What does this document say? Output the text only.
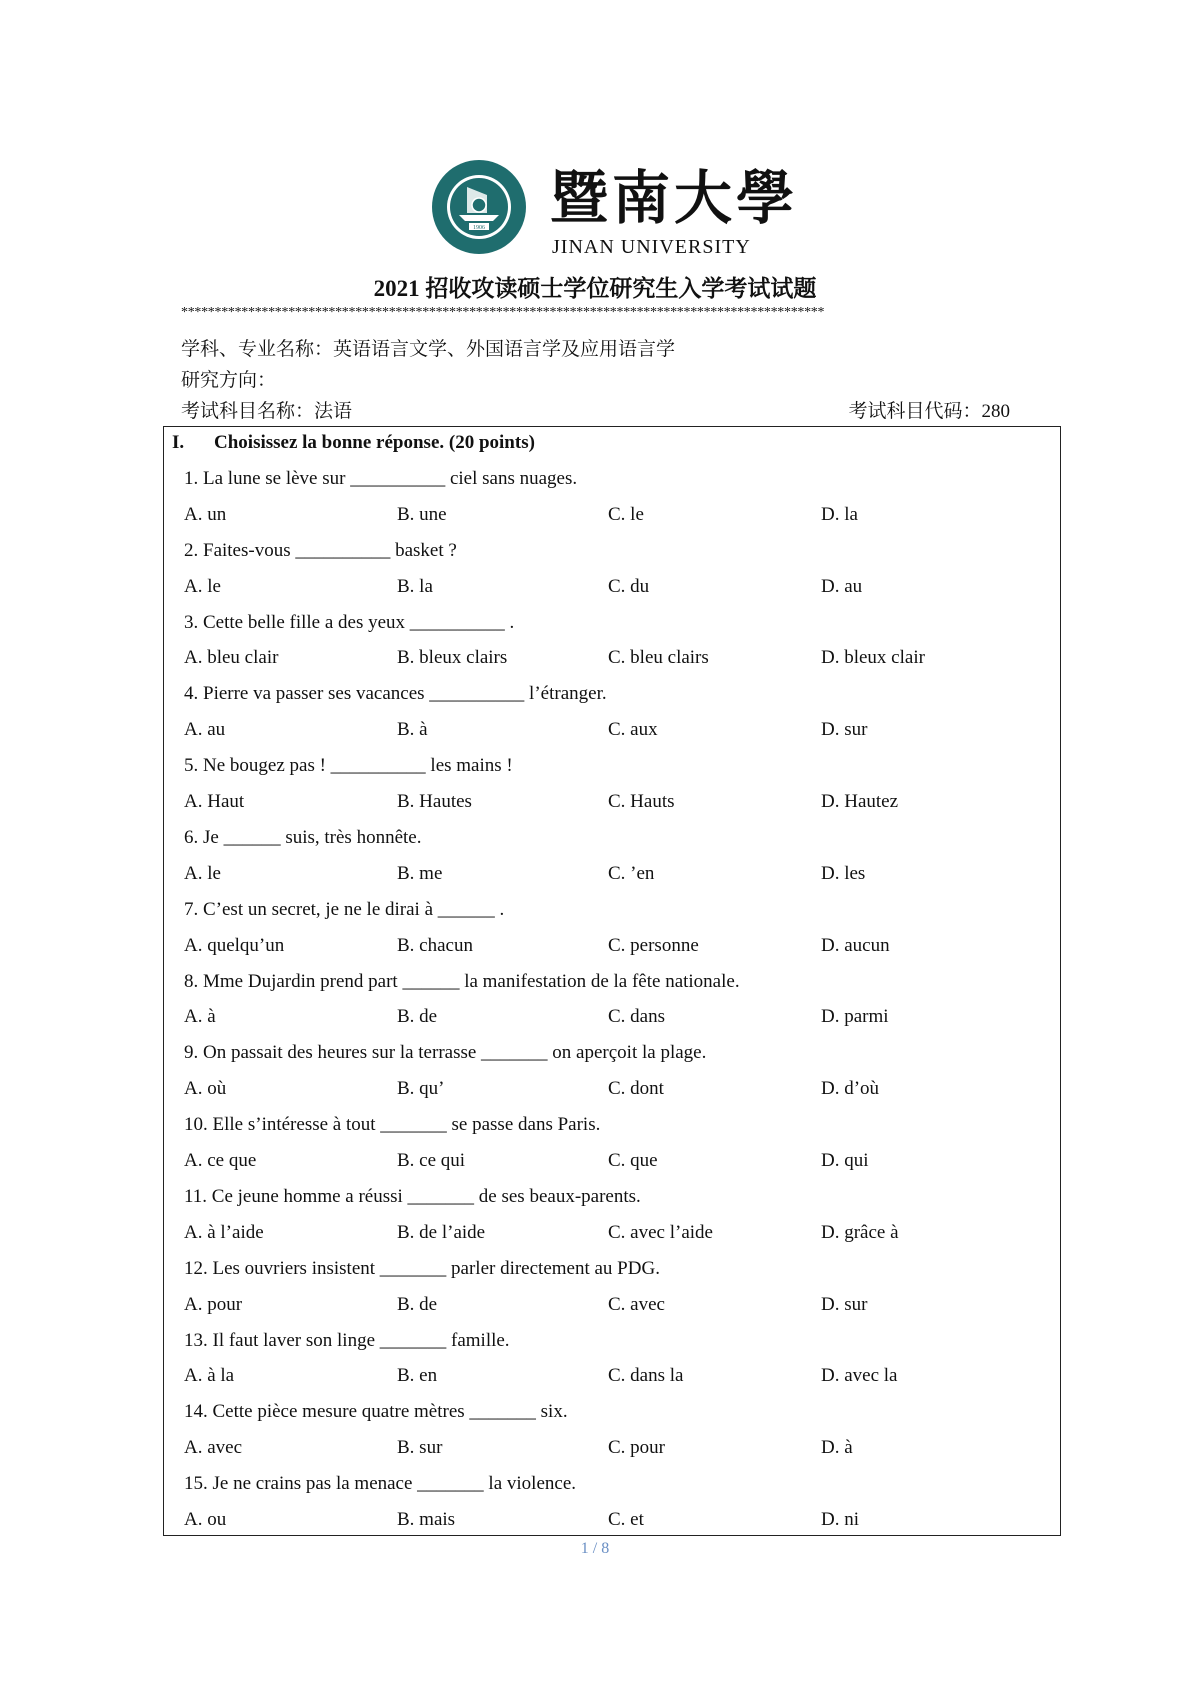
1906 暨南大學
JINAN UNIVERSITY
2021 招收攻读硕士学位研究生入学考试试题
************************************************************************************************
学科、专业名称：英语语言文学、外国语言学及应用语言学
研究方向：
考试科目名称：法语	考试科目代码：280
I. Choisissez la bonne réponse. (20 points)
1. La lune se lève sur __________ ciel sans nuages.
A. un	B. une	C. le	D. la
2. Faites-vous __________ basket ?
A. le	B. la	C. du	D. au
3. Cette belle fille a des yeux __________ .
A. bleu clair	B. bleux clairs	C. bleu clairs	D. bleux clair
4. Pierre va passer ses vacances __________ l’étranger.
A. au	B. à	C. aux	D. sur
5. Ne bougez pas ! __________ les mains !
A. Haut	B. Hautes	C. Hauts	D. Hautez
6. Je ______ suis, très honnête.
A. le	B. me	C. ’en	D. les
7. C’est un secret, je ne le dirai à ______ .
A. quelqu’un	B. chacun	C. personne	D. aucun
8. Mme Dujardin prend part ______ la manifestation de la fête nationale.
A. à	B. de	C. dans	D. parmi
9. On passait des heures sur la terrasse _______ on aperçoit la plage.
A. où	B. qu’	C. dont	D. d’où
10. Elle s’intéresse à tout _______ se passe dans Paris.
A. ce que	B. ce qui	C. que	D. qui
11. Ce jeune homme a réussi _______ de ses beaux-parents.
A. à l’aide	B. de l’aide	C. avec l’aide	D. grâce à
12. Les ouvriers insistent _______ parler directement au PDG.
A. pour	B. de	C. avec	D. sur
13. Il faut laver son linge _______ famille.
A. à la	B. en	C. dans la	D. avec la
14. Cette pièce mesure quatre mètres _______ six.
A. avec	B. sur	C. pour	D. à
15. Je ne crains pas la menace _______ la violence.
A. ou	B. mais	C. et	D. ni
1 / 8
